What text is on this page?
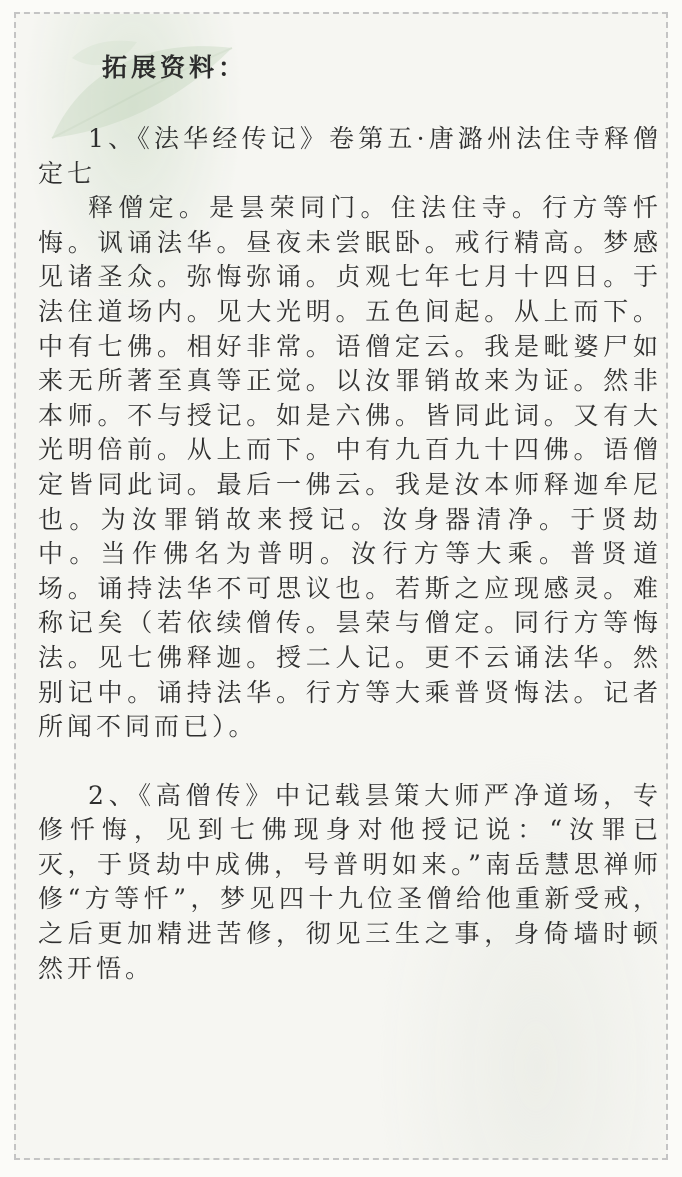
拓展资料：

1、《法华经传记》卷第五·唐潞州法住寺释僧定七

释僧定。是昙荣同门。住法住寺。行方等忏悔。讽诵法华。昼夜未尝眠卧。戒行精高。梦感见诸圣众。弥悔弥诵。贞观七年七月十四日。于法住道场内。见大光明。五色间起。从上而下。中有七佛。相好非常。语僧定云。我是毗婆尸如来无所著至真等正觉。以汝罪销故来为证。然非本师。不与授记。如是六佛。皆同此词。又有大光明倍前。从上而下。中有九百九十四佛。语僧定皆同此词。最后一佛云。我是汝本师释迦牟尼也。为汝罪销故来授记。汝身器清净。于贤劫中。当作佛名为普明。汝行方等大乘。普贤道场。诵持法华不可思议也。若斯之应现感灵。难称记矣（若依续僧传。昙荣与僧定。同行方等悔法。见七佛释迦。授二人记。更不云诵法华。然别记中。诵持法华。行方等大乘普贤悔法。记者所闻不同而已）。

2、《高僧传》中记载昙策大师严净道场，专修忏悔，见到七佛现身对他授记说：“汝罪已灭，于贤劫中成佛，号普明如来。”南岳慧思禅师修“方等忏”，梦见四十九位圣僧给他重新受戒，之后更加精进苦修，彻见三生之事，身倚墙时顿然开悟。
